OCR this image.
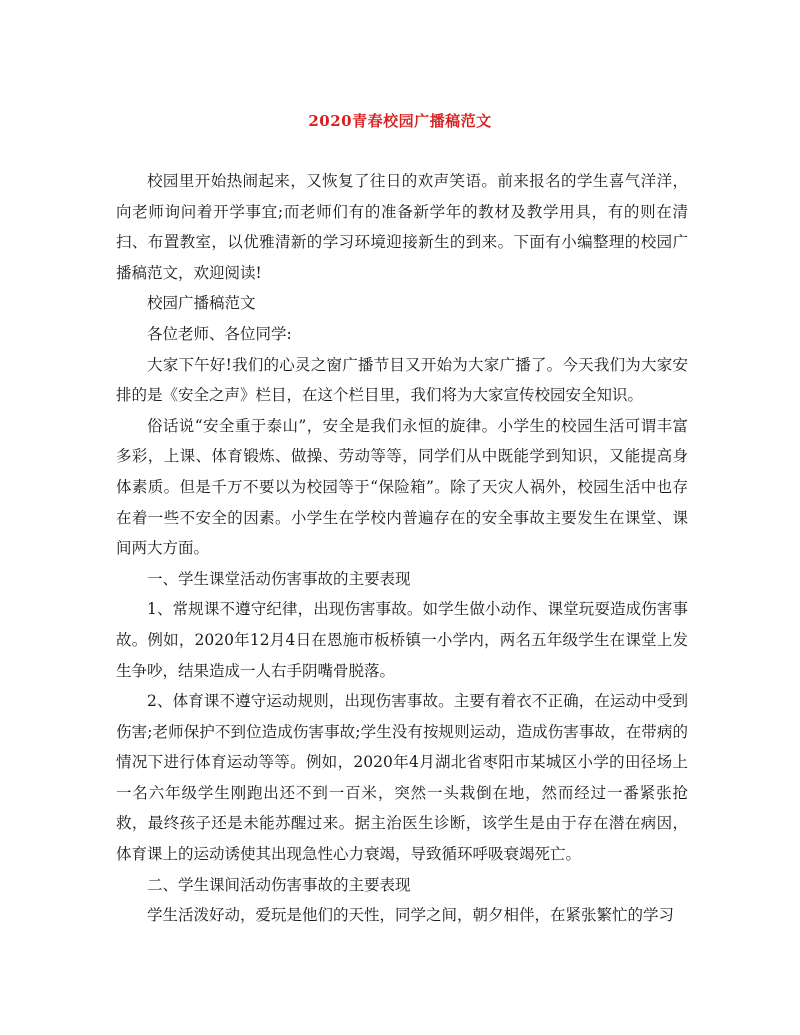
2020青春校园广播稿范文

校园里开始热闹起来，又恢复了往日的欢声笑语。前来报名的学生喜气洋洋，向老师询问着开学事宜;而老师们有的准备新学年的教材及教学用具，有的则在清扫、布置教室，以优雅清新的学习环境迎接新生的到来。下面有小编整理的校园广播稿范文，欢迎阅读!

校园广播稿范文

各位老师、各位同学:

大家下午好!我们的心灵之窗广播节目又开始为大家广播了。今天我们为大家安排的是《安全之声》栏目，在这个栏目里，我们将为大家宣传校园安全知识。

俗话说“安全重于泰山”，安全是我们永恒的旋律。小学生的校园生活可谓丰富多彩，上课、体育锻炼、做操、劳动等等，同学们从中既能学到知识，又能提高身体素质。但是千万不要以为校园等于“保险箱”。除了天灾人祸外，校园生活中也存在着一些不安全的因素。小学生在学校内普遍存在的安全事故主要发生在课堂、课间两大方面。

一、学生课堂活动伤害事故的主要表现

1、常规课不遵守纪律，出现伤害事故。如学生做小动作、课堂玩耍造成伤害事故。例如，2020年12月4日在恩施市板桥镇一小学内，两名五年级学生在课堂上发生争吵，结果造成一人右手阴嘴骨脱落。

2、体育课不遵守运动规则，出现伤害事故。主要有着衣不正确，在运动中受到伤害;老师保护不到位造成伤害事故;学生没有按规则运动，造成伤害事故，在带病的情况下进行体育运动等等。例如，2020年4月湖北省枣阳市某城区小学的田径场上一名六年级学生刚跑出还不到一百米，突然一头栽倒在地，然而经过一番紧张抢救，最终孩子还是未能苏醒过来。据主治医生诊断，该学生是由于存在潜在病因，体育课上的运动诱使其出现急性心力衰竭，导致循环呼吸衰竭死亡。

二、学生课间活动伤害事故的主要表现

学生活泼好动，爱玩是他们的天性，同学之间，朝夕相伴，在紧张繁忙的学习
